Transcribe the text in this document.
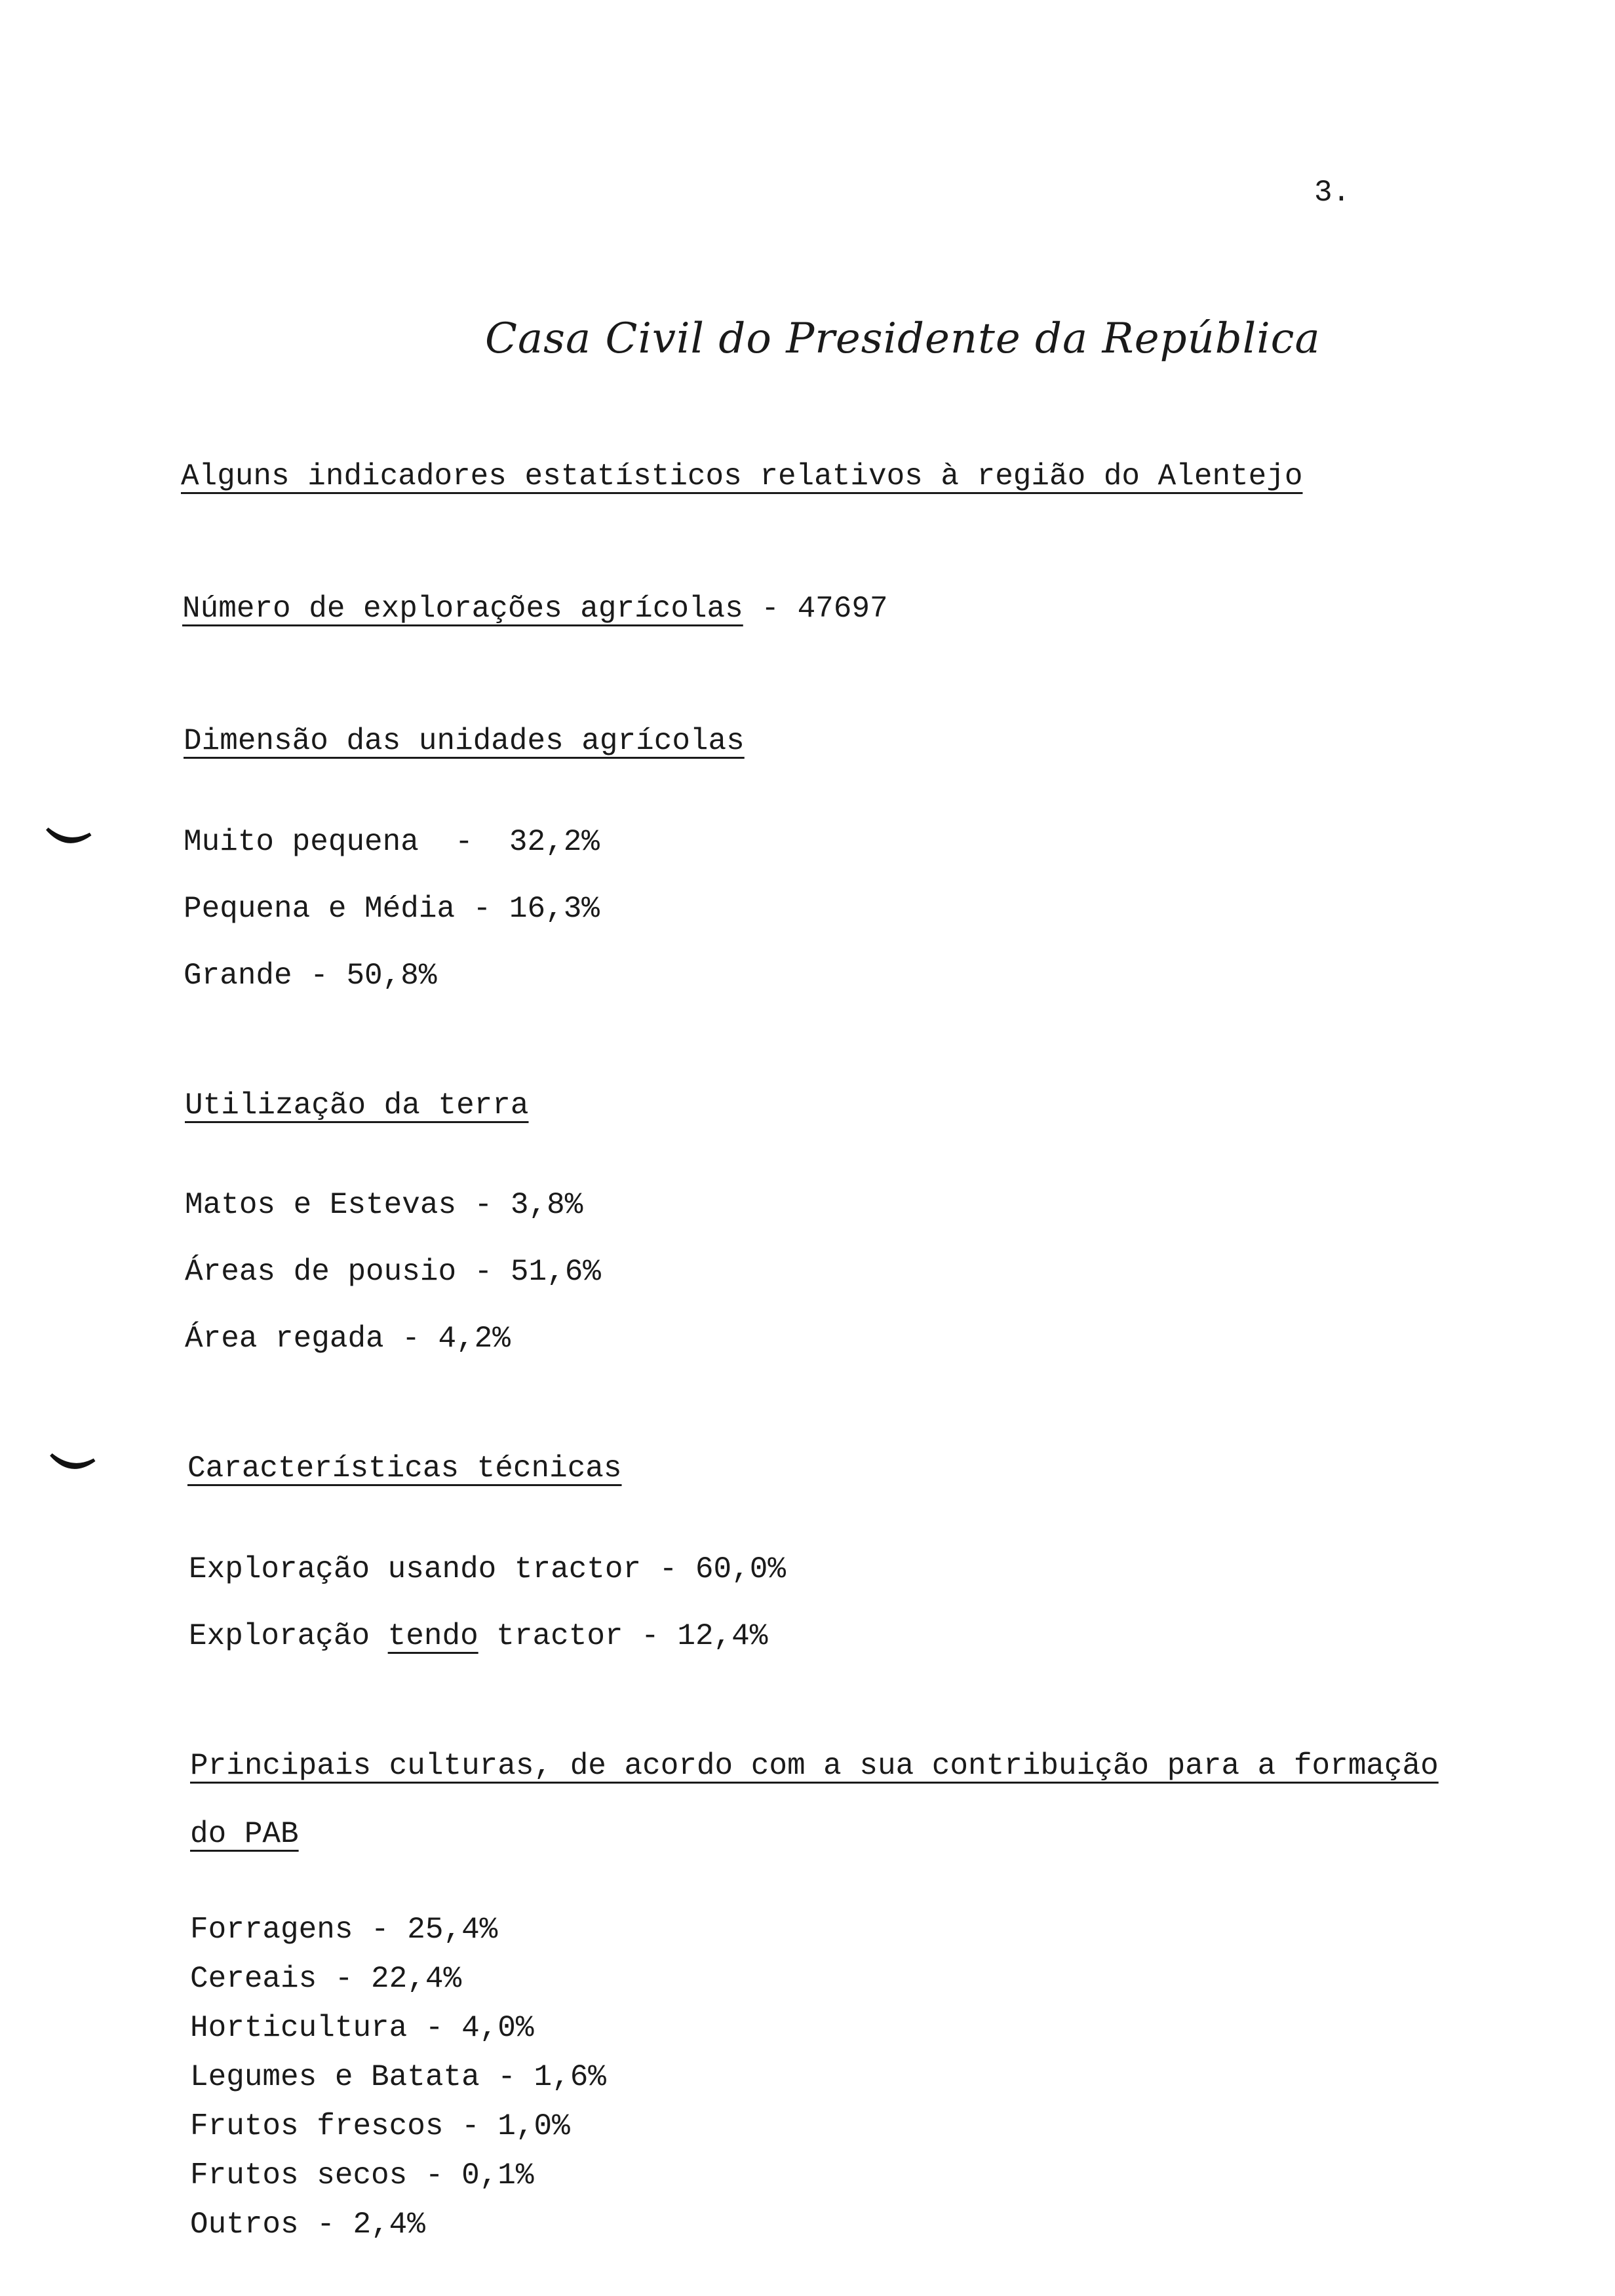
3.
Casa Civil do Presidente da República
Alguns indicadores estatísticos relativos à região do Alentejo
Número de explorações agrícolas - 47697
Dimensão das unidades agrícolas
Muito pequena  -  32,2%
Pequena e Média - 16,3%
Grande - 50,8%
Utilização da terra
Matos e Estevas - 3,8%
Áreas de pousio - 51,6%
Área regada - 4,2%
Características técnicas
Exploração usando tractor - 60,0%
Exploração tendo tractor - 12,4%
Principais culturas, de acordo com a sua contribuição para a formação
do PAB
Forragens - 25,4%
Cereais - 22,4%
Horticultura - 4,0%
Legumes e Batata - 1,6%
Frutos frescos - 1,0%
Frutos secos - 0,1%
Outros - 2,4%
